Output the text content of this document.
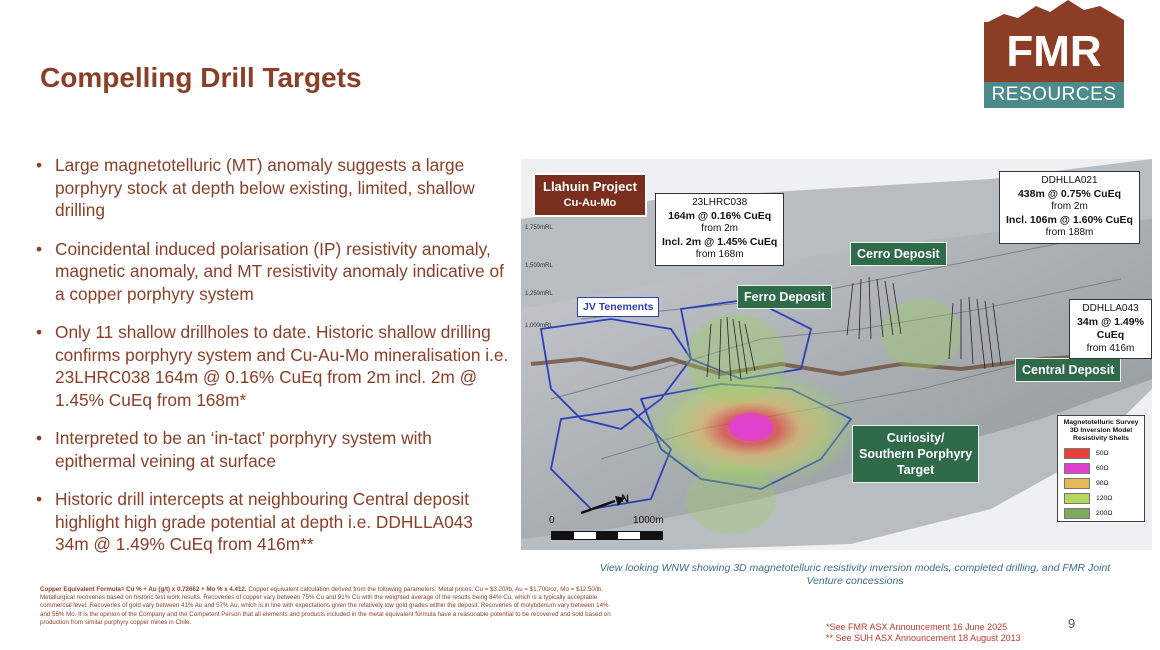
Compelling Drill Targets
FMR
RESOURCES
• Large magnetotelluric (MT) anomaly suggests a large porphyry stock at depth below existing, limited, shallow drilling
• Coincidental induced polarisation (IP) resistivity anomaly, magnetic anomaly, and MT resistivity anomaly indicative of a copper porphyry system
• Only 11 shallow drillholes to date. Historic shallow drilling confirms porphyry system and Cu-Au-Mo mineralisation i.e. 23LHRC038 164m @ 0.16% CuEq from 2m incl. 2m @ 1.45% CuEq from 168m*
• Interpreted to be an ‘in-tact’ porphyry system with epithermal veining at surface
• Historic drill intercepts at neighbouring Central deposit highlight high grade potential at depth i.e. DDHLLA043 34m @ 1.49% CuEq from 416m**
Llahuin Project
Cu-Au-Mo
JV Tenements
Ferro Deposit
Cerro Deposit
Central Deposit
Curiosity/
Southern Porphyry
Target
23LHRC038
164m @ 0.16% CuEq
from 2m
Incl. 2m @ 1.45% CuEq
from 168m
DDHLLA021
438m @ 0.75% CuEq
from 2m
Incl. 106m @ 1.60% CuEq
from 188m
DDHLLA043
34m @ 1.49% CuEq
from 416m
Magnetotelluric Survey 3D Inversion Model Resistivity Shells
50Ω
60Ω
90Ω
120Ω
200Ω
1,750mRL
1,500mRL
1,250mRL
1,000mRL
N
0	1000m
View looking WNW showing 3D magnetotelluric resistivity inversion models, completed drilling, and FMR Joint Venture concessions
Copper Equivalent Formula= Cu % + Au (g/t) x 0.72662 + Mo % x 4.412. Copper equivalent calculation derived from the following parameters: Metal prices: Cu = $3.20/lb, Au = $1,700/oz, Mo = $12.50/lb. Metallurgical recoveries based on historic test work results. Recoveries of copper vary between 75% Cu and 91% Cu with the weighted average of the results being 84% Cu, which is a typically acceptable commercial level. Recoveries of gold vary between 41% Au and 57% Au, which is in line with expectations given the relatively low gold grades within the deposit. Recoveries of molybdenum vary between 14% and 56% Mo. It is the opinion of the Company and the Competent Person that all elements and products included in the metal equivalent formula have a reasonable potential to be recovered and sold based on production from similar porphyry copper mines in Chile.	*See FMR ASX Announcement 16 June 2025
** See SUH ASX Announcement 18 August 2013
9
